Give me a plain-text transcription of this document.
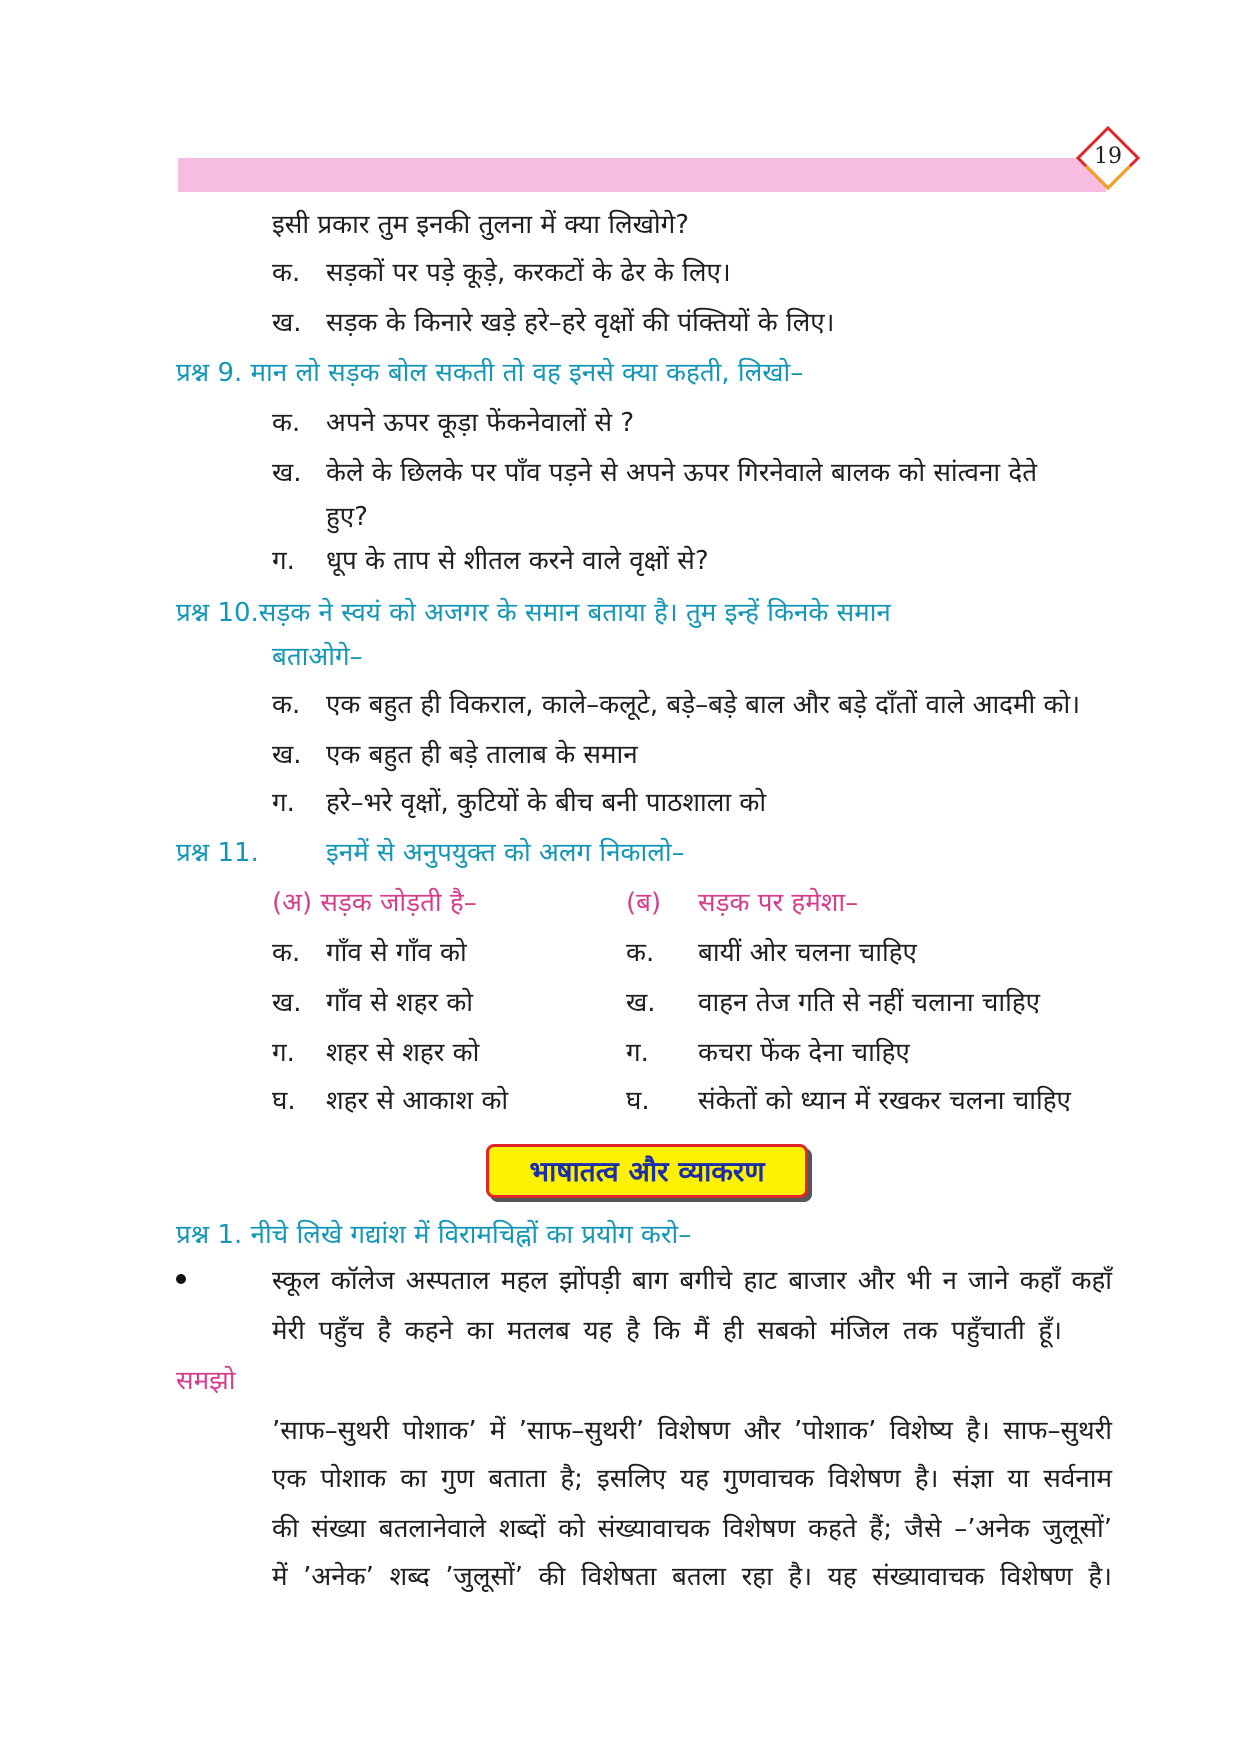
19
इसी प्रकार तुम इनकी तुलना में क्या लिखोगे?
क. सड़कों पर पड़े कूड़े, करकटों के ढेर के लिए।
ख. सड़क के किनारे खड़े हरे–हरे वृक्षों की पंक्तियों के लिए।
प्रश्न 9. मान लो सड़क बोल सकती तो वह इनसे क्या कहती, लिखो–
क. अपने ऊपर कूड़ा फेंकनेवालों से ?
ख. केले के छिलके पर पाँव पड़ने से अपने ऊपर गिरनेवाले बालक को सांत्वना देते
हुए?
ग. धूप के ताप से शीतल करने वाले वृक्षों से?
प्रश्न 10.सड़क ने स्वयं को अजगर के समान बताया है। तुम इन्हें किनके समान
बताओगे–
क. एक बहुत ही विकराल, काले–कलूटे, बड़े–बड़े बाल और बड़े दाँतों वाले आदमी को।
ख. एक बहुत ही बड़े तालाब के समान
ग. हरे–भरे वृक्षों, कुटियों के बीच बनी पाठशाला को
प्रश्न 11.	इनमें से अनुपयुक्त को अलग निकालो–
(अ) सड़क जोड़ती है–	(ब) सड़क पर हमेशा–
क. गाँव से गाँव को	क. बायीं ओर चलना चाहिए
ख. गाँव से शहर को	ख. वाहन तेज गति से नहीं चलाना चाहिए
ग. शहर से शहर को	ग. कचरा फेंक देना चाहिए
घ. शहर से आकाश को	घ. संकेतों को ध्यान में रखकर चलना चाहिए
भाषातत्व और व्याकरण
प्रश्न 1. नीचे लिखे गद्यांश में विरामचिह्नों का प्रयोग करो–
स्कूल कॉलेज अस्पताल महल झोंपड़ी बाग बगीचे हाट बाजार और भी न जाने कहाँ कहाँ
मेरी पहुँच है कहने का मतलब यह है कि मैं ही सबको मंजिल तक पहुँचाती हूँ।
समझो
’साफ–सुथरी पोशाक’ में ’साफ–सुथरी’ विशेषण और ’पोशाक’ विशेष्य है। साफ–सुथरी
एक पोशाक का गुण बताता है; इसलिए यह गुणवाचक विशेषण है। संज्ञा या सर्वनाम
की संख्या बतलानेवाले शब्दों को संख्यावाचक विशेषण कहते हैं; जैसे –’अनेक जुलूसों’
में ’अनेक’ शब्द ’जुलूसों’ की विशेषता बतला रहा है। यह संख्यावाचक विशेषण है।
